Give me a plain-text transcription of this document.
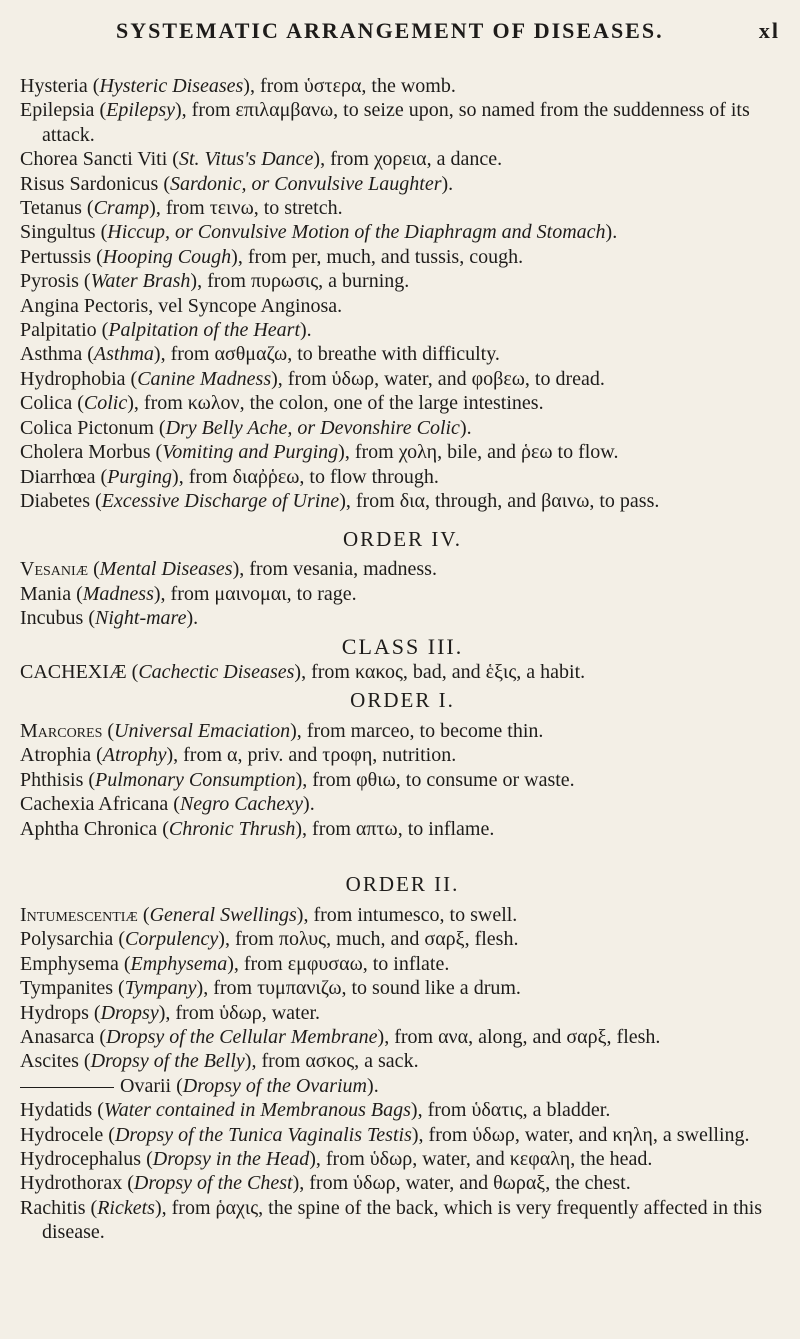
SYSTEMATIC ARRANGEMENT OF DISEASES.	xl
Hysteria (Hysteric Diseases), from ὑστερα, the womb.
Epilepsia (Epilepsy), from επιλαμβανω, to seize upon, so named from the suddenness of its attack.
Chorea Sancti Viti (St. Vitus's Dance), from χορεια, a dance.
Risus Sardonicus (Sardonic, or Convulsive Laughter).
Tetanus (Cramp), from τεινω, to stretch.
Singultus (Hiccup, or Convulsive Motion of the Diaphragm and Stomach).
Pertussis (Hooping Cough), from per, much, and tussis, cough.
Pyrosis (Water Brash), from πυρωσις, a burning.
Angina Pectoris, vel Syncope Anginosa.
Palpitatio (Palpitation of the Heart).
Asthma (Asthma), from ασθμαζω, to breathe with difficulty.
Hydrophobia (Canine Madness), from ὑδωρ, water, and φοβεω, to dread.
Colica (Colic), from κωλον, the colon, one of the large intestines.
Colica Pictonum (Dry Belly Ache, or Devonshire Colic).
Cholera Morbus (Vomiting and Purging), from χολη, bile, and ῥεω to flow.
Diarrhœa (Purging), from διαῤῥεω, to flow through.
Diabetes (Excessive Discharge of Urine), from δια, through, and βαινω, to pass.
ORDER IV.
Vesaniæ (Mental Diseases), from vesania, madness.
Mania (Madness), from μαινομαι, to rage.
Incubus (Night-mare).
CLASS III.
CACHEXIÆ (Cachectic Diseases), from κακος, bad, and ἑξις, a habit.
ORDER I.
Marcores (Universal Emaciation), from marceo, to become thin.
Atrophia (Atrophy), from α, priv. and τροφη, nutrition.
Phthisis (Pulmonary Consumption), from φθιω, to consume or waste.
Cachexia Africana (Negro Cachexy).
Aphtha Chronica (Chronic Thrush), from απτω, to inflame.
ORDER II.
Intumescentiæ (General Swellings), from intumesco, to swell.
Polysarchia (Corpulency), from πολυς, much, and σαρξ, flesh.
Emphysema (Emphysema), from εμφυσαω, to inflate.
Tympanites (Tympany), from τυμπανιζω, to sound like a drum.
Hydrops (Dropsy), from ὑδωρ, water.
Anasarca (Dropsy of the Cellular Membrane), from ανα, along, and σαρξ, flesh.
Ascites (Dropsy of the Belly), from ασκος, a sack.
Ovarii (Dropsy of the Ovarium).
Hydatids (Water contained in Membranous Bags), from ὑδατις, a bladder.
Hydrocele (Dropsy of the Tunica Vaginalis Testis), from ὑδωρ, water, and κηλη, a swelling.
Hydrocephalus (Dropsy in the Head), from ὑδωρ, water, and κεφαλη, the head.
Hydrothorax (Dropsy of the Chest), from ὑδωρ, water, and θωραξ, the chest.
Rachitis (Rickets), from ῥαχις, the spine of the back, which is very frequently affected in this disease.
